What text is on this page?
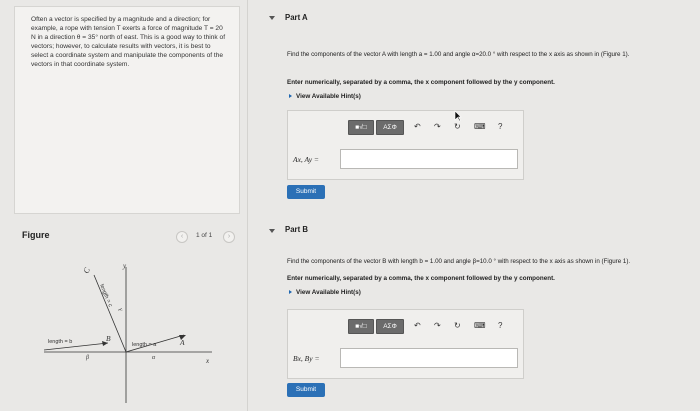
Often a vector is specified by a magnitude and a direction; for example, a rope with tension T exerts a force of magnitude T = 20 N in a direction θ = 35° north of east. This is a good way to think of vectors; however, to calculate results with vectors, it is best to select a coordinate system and manipulate the components of the vectors in that coordinate system.

Figure	‹	1 of 1	›
y
x
C
length = c
γ
length = b	B
β
length = a	A
α
Part A

Find the components of the vector A with length a = 1.00 and angle α=20.0 ° with respect to the x axis as shown in (Figure 1).

Enter numerically, separated by a comma, the x component followed by the y component.

View Available Hint(s)

■√□	ΑΣΦ	↶ ↷ ↻ ⌨ ?
Ax, Ay =
Submit
Part B

Find the components of the vector B with length b = 1.00 and angle β=10.0 ° with respect to the x axis as shown in (Figure 1).

Enter numerically, separated by a comma, the x component followed by the y component.

View Available Hint(s)

■√□	ΑΣΦ	↶ ↷ ↻ ⌨ ?
Bx, By =
Submit
